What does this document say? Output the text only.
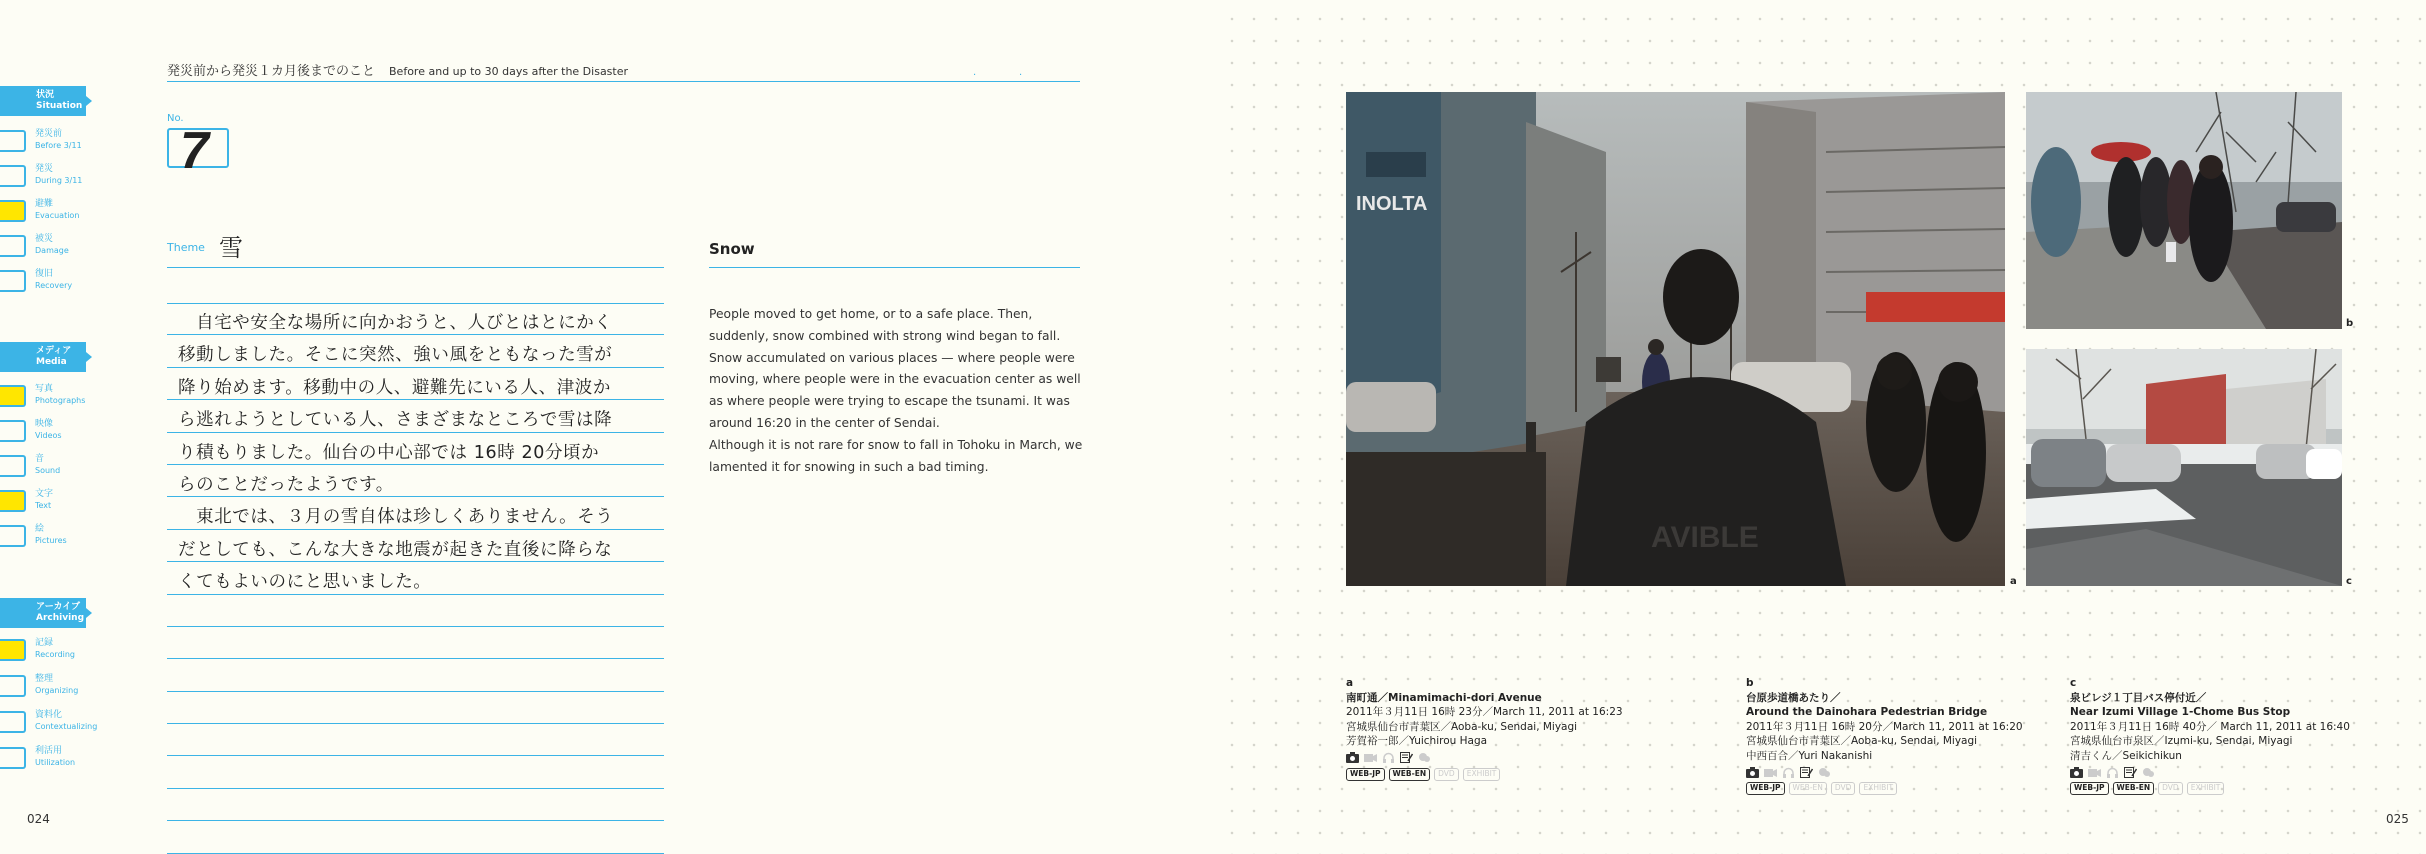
状況
Situation
発災前
Before 3/11
発災
During 3/11
避難
Evacuation
被災
Damage
復旧
Recovery
メディア
Media
写真
Photographs
映像
Videos
音
Sound
文字
Text
絵
Pictures
アーカイブ
Archiving
記録
Recording
整理
Organizing
資料化
Contextualizing
利活用
Utilization
024
発災前から発災１カ月後までのこと Before and up to 30 days after the Disaster	.	.
No.
7
Theme 雪	Snow
　自宅や安全な場所に向かおうと、人びとはとにかく
移動しました。そこに突然、強い風をともなった雪が
降り始めます。移動中の人、避難先にいる人、津波か
ら逃れようとしている人、さまざまなところで雪は降
り積もりました。仙台の中心部では 16時 20分頃か
らのことだったようです。
　東北では、３月の雪自体は珍しくありません。そう
だとしても、こんな大きな地震が起きた直後に降らな
くてもよいのにと思いました。
People moved to get home, or to a safe place. Then, suddenly, snow combined with strong wind began to fall. Snow accumulated on various places — where people were moving, where people were in the evacuation center as well as where people were trying to escape the tsunami. It was around 16:20 in the center of Sendai.
Although it is not rare for snow to fall in Tohoku in March, we lamented it for snowing in such a bad timing.
INOLTA
AVIBLE
a
b
c
a
南町通／Minamimachi-dori Avenue
2011年３月11日 16時 23分／March 11, 2011 at 16:23
宮城県仙台市青葉区／Aoba-ku, Sendai, Miyagi
芳賀裕一郎／Yuichirou Haga
WEB-JP	WEB-EN	DVD	EXHIBIT
b
台原歩道橋あたり／
Around the Dainohara Pedestrian Bridge
2011年３月11日 16時 20分／March 11, 2011 at 16:20
宮城県仙台市青葉区／Aoba-ku, Sendai, Miyagi
中西百合／Yuri Nakanishi
WEB-JP	WEB-EN	DVD	EXHIBIT
c
泉ビレジ１丁目バス停付近／
Near Izumi Village 1-Chome Bus Stop
2011年３月11日 16時 40分／ March 11, 2011 at 16:40
宮城県仙台市泉区／Izumi-ku, Sendai, Miyagi
清吉くん／Seikichikun
WEB-JP	WEB-EN	DVD	EXHIBIT
025
